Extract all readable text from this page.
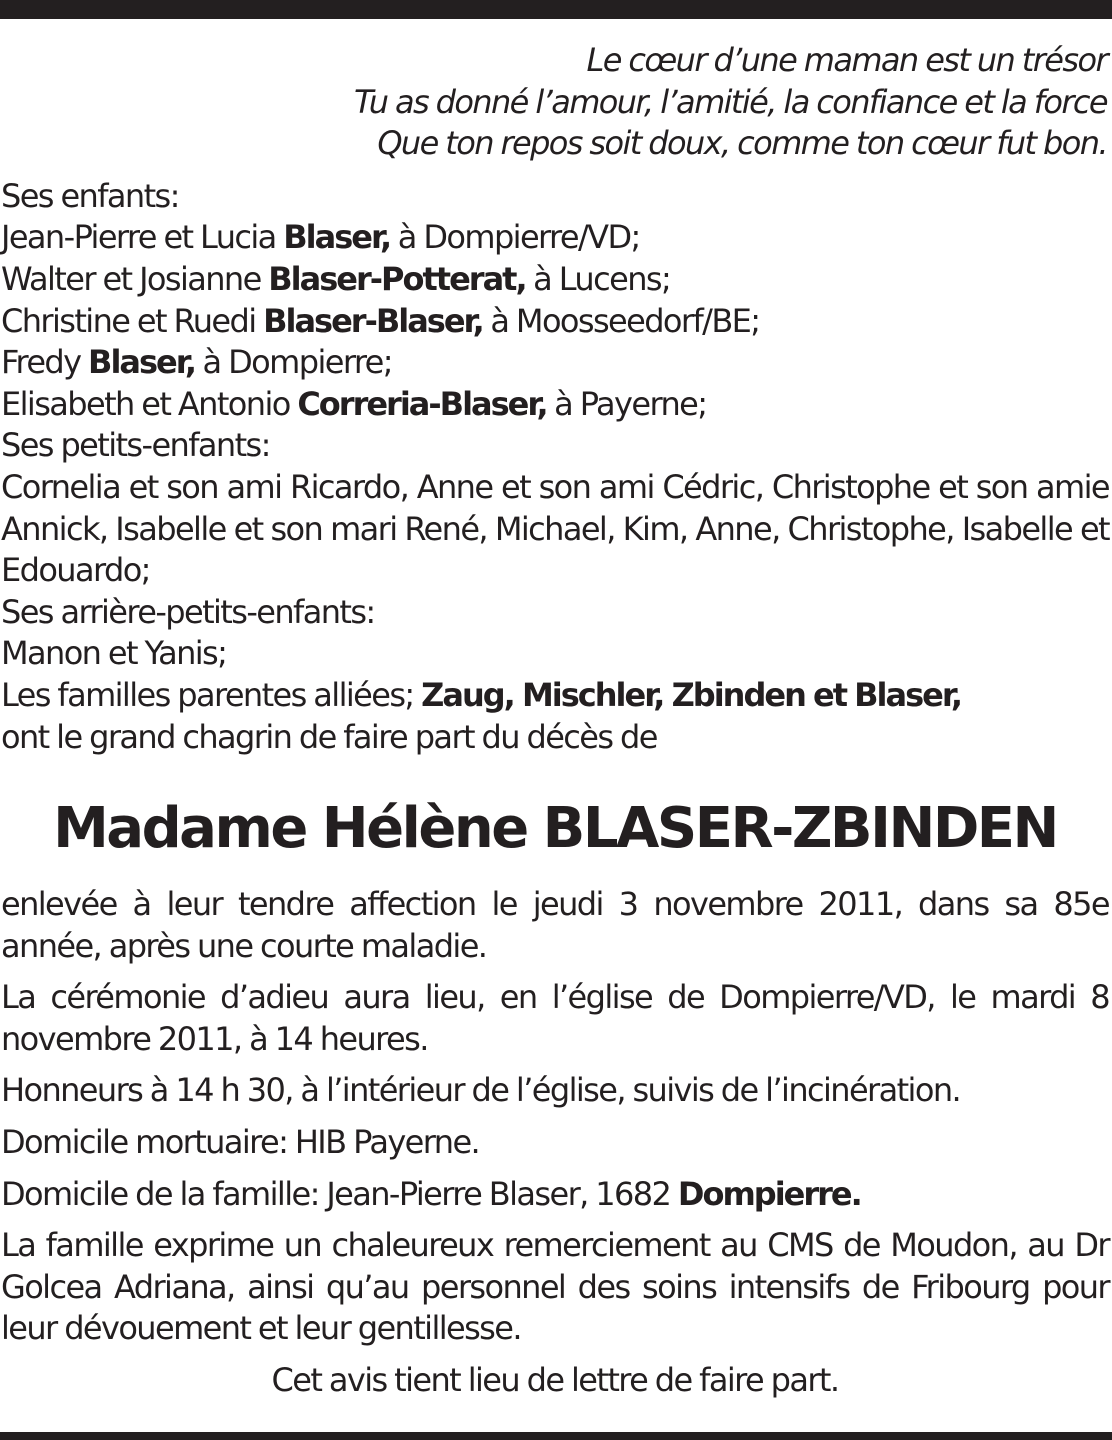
Le cœur d’une maman est un trésor
Tu as donné l’amour, l’amitié, la confiance et la force
Que ton repos soit doux, comme ton cœur fut bon.
Ses enfants:
Jean-Pierre et Lucia Blaser, à Dompierre/VD;
Walter et Josianne Blaser-Potterat, à Lucens;
Christine et Ruedi Blaser-Blaser, à Moosseedorf/BE;
Fredy Blaser, à Dompierre;
Elisabeth et Antonio Correria-Blaser, à Payerne;
Ses petits-enfants:
Cornelia et son ami Ricardo, Anne et son ami Cédric, Christophe et son amie Annick, Isabelle et son mari René, Michael, Kim, Anne, Christophe, Isabelle et Edouardo;
Ses arrière-petits-enfants:
Manon et Yanis;
Les familles parentes alliées; Zaug, Mischler, Zbinden et Blaser,
ont le grand chagrin de faire part du décès de
Madame Hélène BLASER-ZBINDEN
enlevée à leur tendre affection le jeudi 3 novembre 2011, dans sa 85e année, après une courte maladie.
La cérémonie d’adieu aura lieu, en l’église de Dompierre/VD, le mardi 8 novembre 2011, à 14 heures.
Honneurs à 14 h 30, à l’intérieur de l’église, suivis de l’incinération.
Domicile mortuaire: HIB Payerne.
Domicile de la famille: Jean-Pierre Blaser, 1682 Dompierre.
La famille exprime un chaleureux remerciement au CMS de Moudon, au Dr Golcea Adriana, ainsi qu’au personnel des soins intensifs de Fribourg pour leur dévouement et leur gentillesse.
Cet avis tient lieu de lettre de faire part.
